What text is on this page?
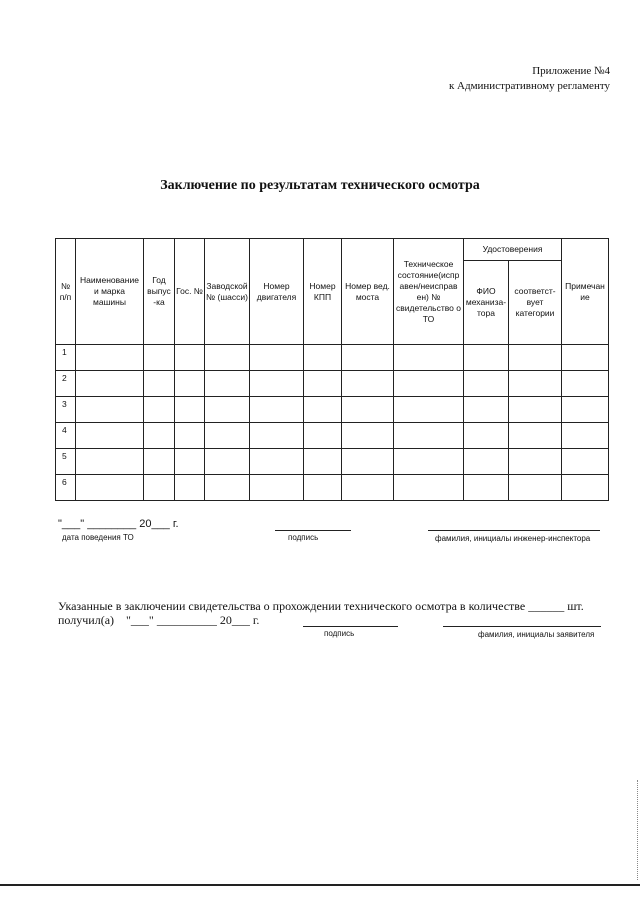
Приложение №4
к Административному регламенту
Заключение по результатам технического осмотра
№ п/п	Наименование и марка машины	Год выпус -ка	Гос. №	Заводской № (шасси)	Номер двигателя	Номер КПП	Номер вед. моста	Техническое состояние(испр авен/неисправ ен) № свидетельство о ТО	Удостоверения		Примечан ие
									ФИО механиза- тора	соответст- вует категории	
1											
2											
3											
4											
5											
6											
"___" ________ 20___ г.
дата поведения ТО	подпись	фамилия, инициалы инженер-инспектора
Указанные в заключении свидетельства о прохождении технического осмотра в количестве ______ шт.
получил(а) "___" __________ 20___ г.
подпись	фамилия, инициалы заявителя
